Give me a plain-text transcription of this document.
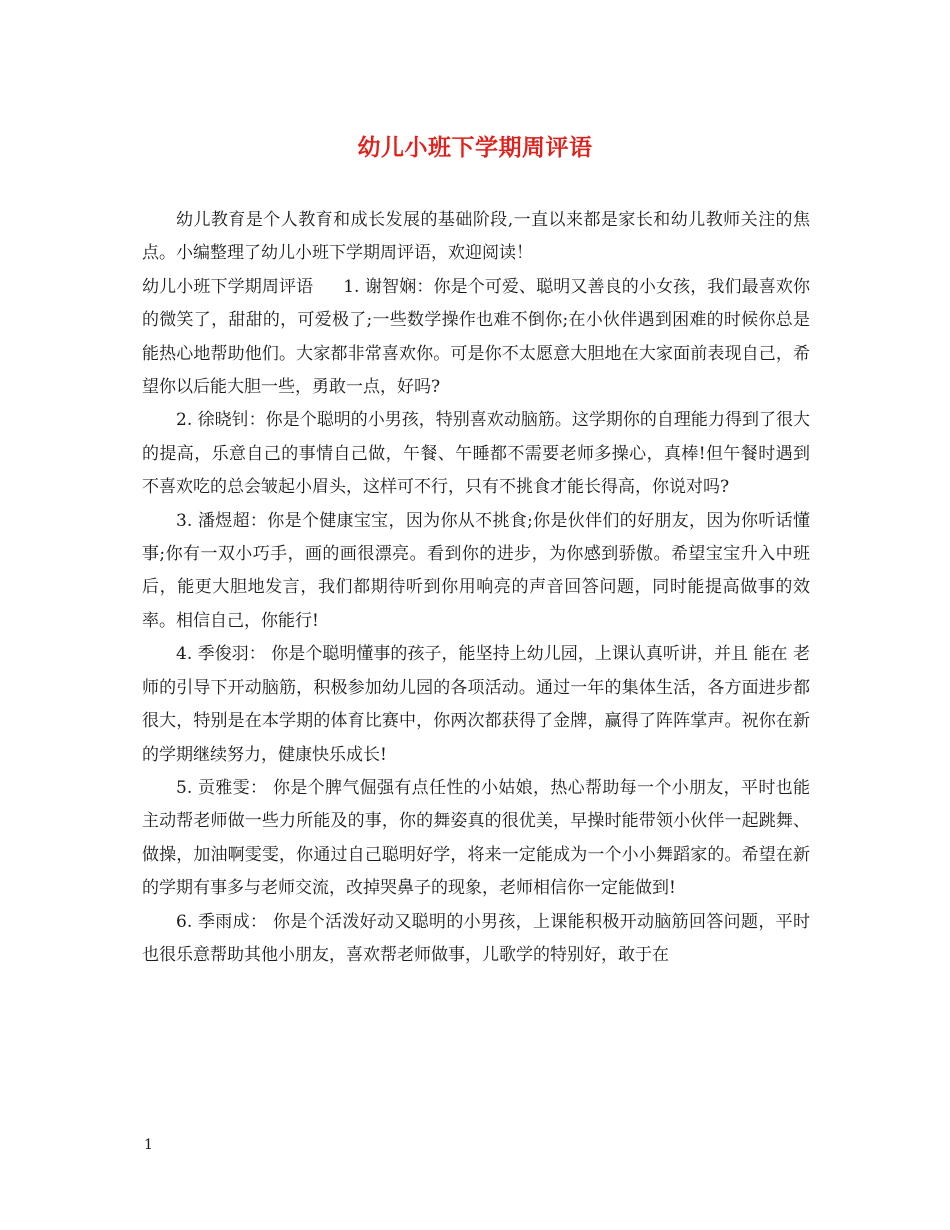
幼儿小班下学期周评语

幼儿教育是个人教育和成长发展的基础阶段,一直以来都是家长和幼儿教师关注的焦点。小编整理了幼儿小班下学期周评语，欢迎阅读！

幼儿小班下学期周评语 1. 谢智娴：你是个可爱、聪明又善良的小女孩，我们最喜欢你的微笑了，甜甜的，可爱极了;一些数学操作也难不倒你;在小伙伴遇到困难的时候你总是能热心地帮助他们。大家都非常喜欢你。可是你不太愿意大胆地在大家面前表现自己，希望你以后能大胆一些，勇敢一点，好吗?

2. 徐晓钊：你是个聪明的小男孩，特别喜欢动脑筋。这学期你的自理能力得到了很大的提高，乐意自己的事情自己做，午餐、午睡都不需要老师多操心，真棒!但午餐时遇到不喜欢吃的总会皱起小眉头，这样可不行，只有不挑食才能长得高，你说对吗?

3. 潘煜超：你是个健康宝宝，因为你从不挑食;你是伙伴们的好朋友，因为你听话懂事;你有一双小巧手，画的画很漂亮。看到你的进步，为你感到骄傲。希望宝宝升入中班后，能更大胆地发言，我们都期待听到你用响亮的声音回答问题，同时能提高做事的效率。相信自己，你能行!

4. 季俊羽： 你是个聪明懂事的孩子，能坚持上幼儿园，上课认真听讲，并且 能在 老师的引导下开动脑筋，积极参加幼儿园的各项活动。通过一年的集体生活，各方面进步都很大，特别是在本学期的体育比赛中，你两次都获得了金牌，赢得了阵阵掌声。祝你在新的学期继续努力，健康快乐成长!

5. 贡雅雯： 你是个脾气倔强有点任性的小姑娘，热心帮助每一个小朋友，平时也能主动帮老师做一些力所能及的事，你的舞姿真的很优美，早操时能带领小伙伴一起跳舞、做操，加油啊雯雯，你通过自己聪明好学，将来一定能成为一个小小舞蹈家的。希望在新的学期有事多与老师交流，改掉哭鼻子的现象，老师相信你一定能做到!

6. 季雨成： 你是个活泼好动又聪明的小男孩，上课能积极开动脑筋回答问题，平时也很乐意帮助其他小朋友，喜欢帮老师做事，儿歌学的特别好，敢于在

1
